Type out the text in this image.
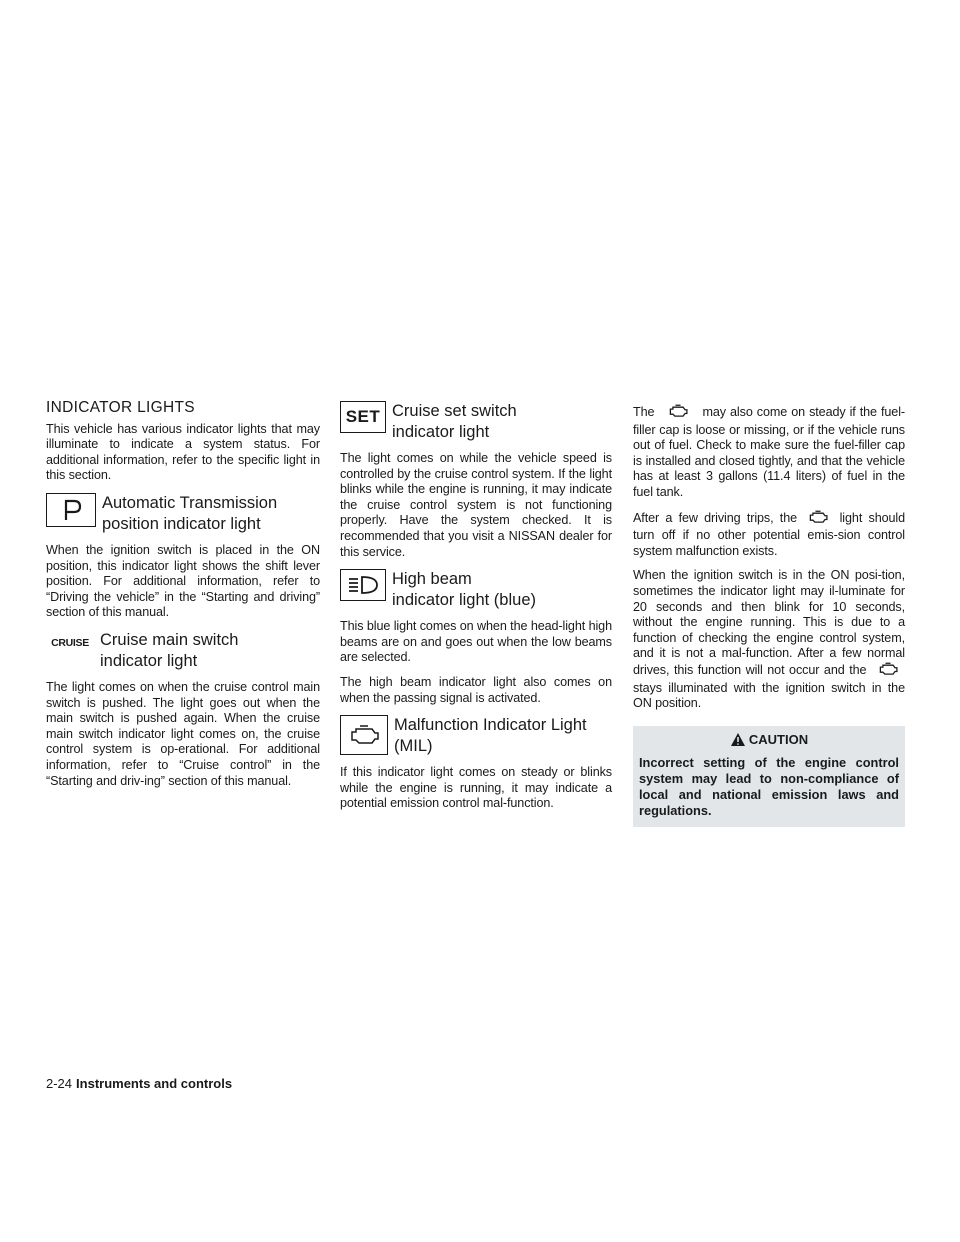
INDICATOR LIGHTS

This vehicle has various indicator lights that may illuminate to indicate a system status. For additional information, refer to the specific light in this section.

Automatic Transmission
position indicator light

When the ignition switch is placed in the ON position, this indicator light shows the shift lever position. For additional information, refer to “Driving the vehicle” in the “Starting and driving” section of this manual.

CRUISE Cruise main switch
indicator light

The light comes on when the cruise control main switch is pushed. The light goes out when the main switch is pushed again. When the cruise main switch indicator light comes on, the cruise control system is op-erational. For additional information, refer to “Cruise control” in the “Starting and driv-ing” section of this manual.

SET Cruise set switch
indicator light

The light comes on while the vehicle speed is controlled by the cruise control system. If the light blinks while the engine is running, it may indicate the cruise control system is not functioning properly. Have the system checked. It is recommended that you visit a NISSAN dealer for this service.

High beam
indicator light (blue)

This blue light comes on when the head-light high beams are on and goes out when the low beams are selected.

The high beam indicator light also comes on when the passing signal is activated.

Malfunction Indicator Light
(MIL)

If this indicator light comes on steady or blinks while the engine is running, it may indicate a potential emission control mal-function.

The	may also come on steady if the fuel-filler cap is loose or missing, or if the vehicle runs out of fuel. Check to make sure the fuel-filler cap is installed and closed tightly, and that the vehicle has at least 3 gallons (11.4 liters) of fuel in the fuel tank.

After a few driving trips, the	light should turn off if no other potential emis-sion control system malfunction exists.

When the ignition switch is in the ON posi-tion, sometimes the indicator light may il-luminate for 20 seconds and then blink for 10 seconds, without the engine running. This is due to a function of checking the engine control system, and it is not a mal-function. After a few normal drives, this function will not occur and the  stays illuminated with the ignition switch in the ON position.

CAUTION
Incorrect setting of the engine control system may lead to non-compliance of local and national emission laws and regulations.
2-24 Instruments and controls
